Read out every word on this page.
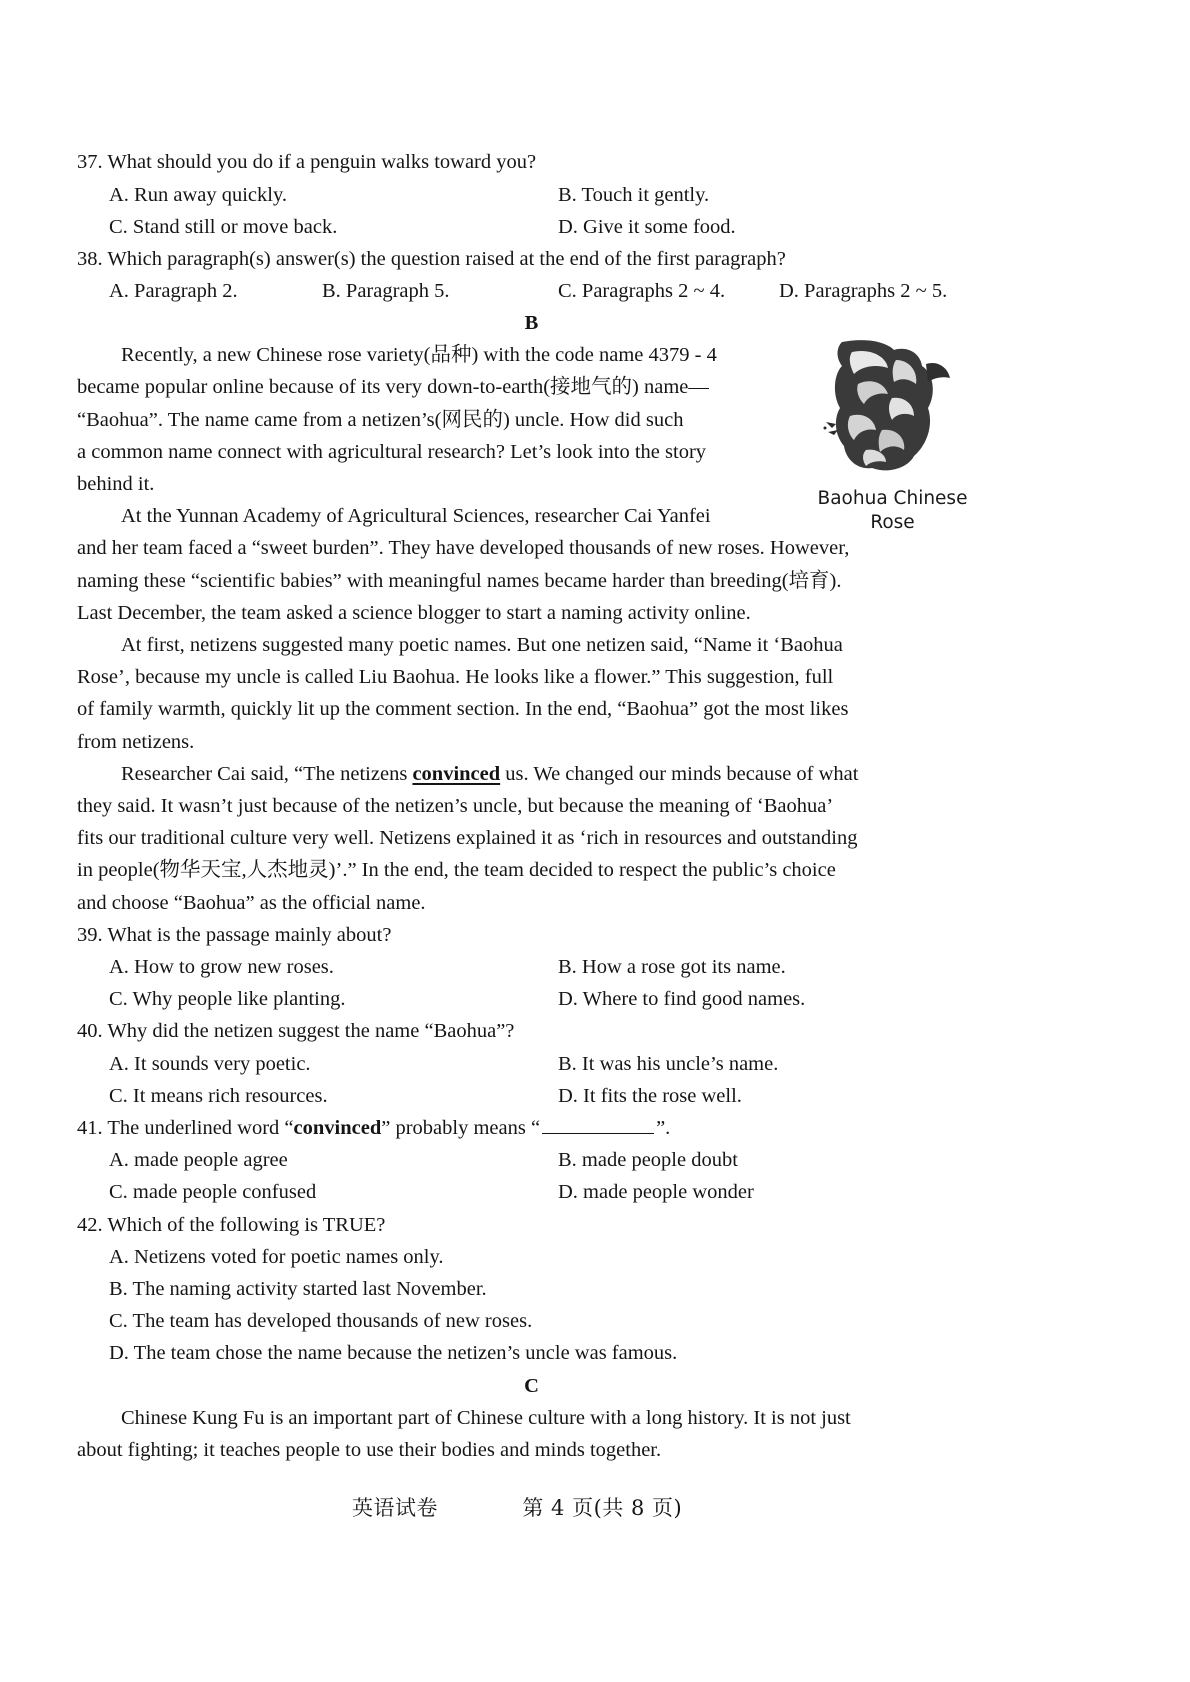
37. What should you do if a penguin walks toward you?
A. Run away quickly.	B. Touch it gently.
C. Stand still or move back.	D. Give it some food.
38. Which paragraph(s) answer(s) the question raised at the end of the first paragraph?
A. Paragraph 2.	B. Paragraph 5.	C. Paragraphs 2 ~ 4.	D. Paragraphs 2 ~ 5.
B
Recently, a new Chinese rose variety(品种) with the code name 4379 - 4
became popular online because of its very down-to-earth(接地气的) name—
“Baohua”. The name came from a netizen’s(网民的) uncle. How did such
a common name connect with agricultural research? Let’s look into the story
behind it.
Baohua Chinese
Rose
At the Yunnan Academy of Agricultural Sciences, researcher Cai Yanfei
and her team faced a “sweet burden”. They have developed thousands of new roses. However,
naming these “scientific babies” with meaningful names became harder than breeding(培育).
Last December, the team asked a science blogger to start a naming activity online.
At first, netizens suggested many poetic names. But one netizen said, “Name it ‘Baohua
Rose’, because my uncle is called Liu Baohua. He looks like a flower.” This suggestion, full
of family warmth, quickly lit up the comment section. In the end, “Baohua” got the most likes
from netizens.
Researcher Cai said, “The netizens convinced us. We changed our minds because of what
they said. It wasn’t just because of the netizen’s uncle, but because the meaning of ‘Baohua’
fits our traditional culture very well. Netizens explained it as ‘rich in resources and outstanding
in people(物华天宝,人杰地灵)’.” In the end, the team decided to respect the public’s choice
and choose “Baohua” as the official name.
39. What is the passage mainly about?
A. How to grow new roses.	B. How a rose got its name.
C. Why people like planting.	D. Where to find good names.
40. Why did the netizen suggest the name “Baohua”?
A. It sounds very poetic.	B. It was his uncle’s name.
C. It means rich resources.	D. It fits the rose well.
41. The underlined word “convinced” probably means “	”.
A. made people agree	B. made people doubt
C. made people confused	D. made people wonder
42. Which of the following is TRUE?
A. Netizens voted for poetic names only.
B. The naming activity started last November.
C. The team has developed thousands of new roses.
D. The team chose the name because the netizen’s uncle was famous.
C
Chinese Kung Fu is an important part of Chinese culture with a long history. It is not just
about fighting; it teaches people to use their bodies and minds together.
英语试卷	第 4 页(共 8 页)
